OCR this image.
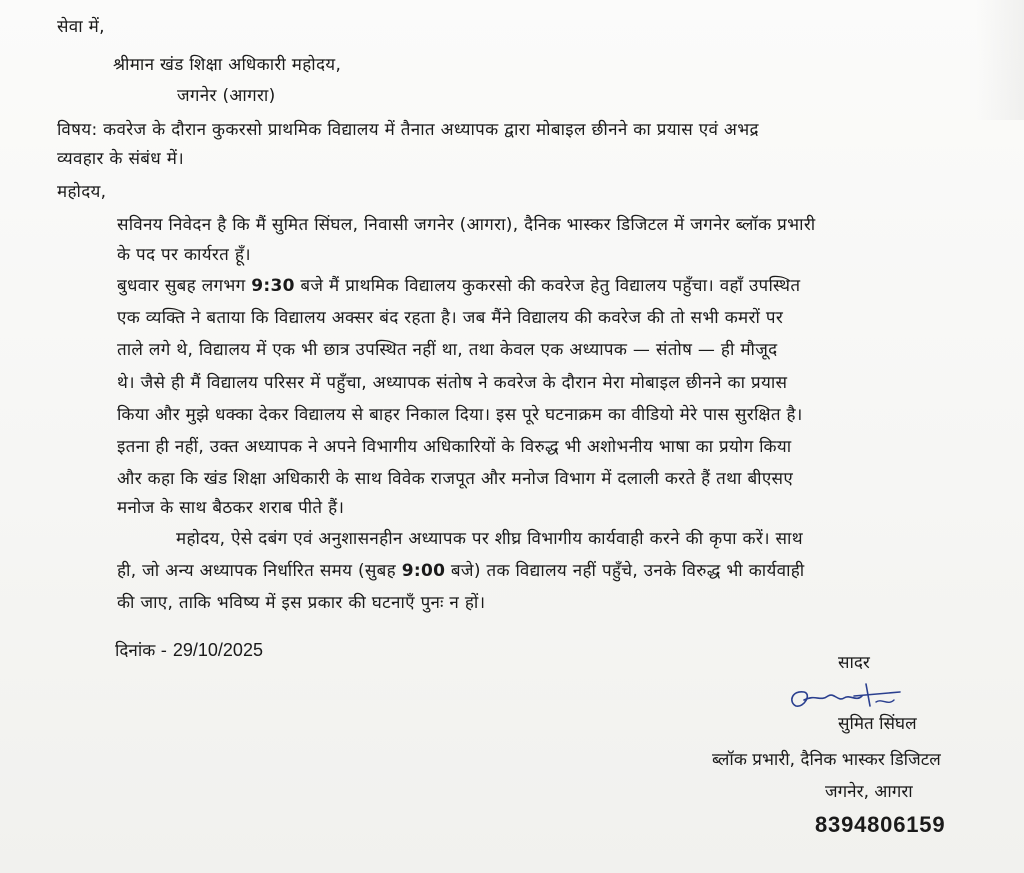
सेवा में,
श्रीमान खंड शिक्षा अधिकारी महोदय,
जगनेर (आगरा)
विषय: कवरेज के दौरान कुकरसो प्राथमिक विद्यालय में तैनात अध्यापक द्वारा मोबाइल छीनने का प्रयास एवं अभद्र
व्यवहार के संबंध में।
महोदय,
सविनय निवेदन है कि मैं सुमित सिंघल, निवासी जगनेर (आगरा), दैनिक भास्कर डिजिटल में जगनेर ब्लॉक प्रभारी
के पद पर कार्यरत हूँ।
बुधवार सुबह लगभग 9:30 बजे मैं प्राथमिक विद्यालय कुकरसो की कवरेज हेतु विद्यालय पहुँचा। वहाँ उपस्थित
एक व्यक्ति ने बताया कि विद्यालय अक्सर बंद रहता है। जब मैंने विद्यालय की कवरेज की तो सभी कमरों पर
ताले लगे थे, विद्यालय में एक भी छात्र उपस्थित नहीं था, तथा केवल एक अध्यापक — संतोष — ही मौजूद
थे। जैसे ही मैं विद्यालय परिसर में पहुँचा, अध्यापक संतोष ने कवरेज के दौरान मेरा मोबाइल छीनने का प्रयास
किया और मुझे धक्का देकर विद्यालय से बाहर निकाल दिया। इस पूरे घटनाक्रम का वीडियो मेरे पास सुरक्षित है।
इतना ही नहीं, उक्त अध्यापक ने अपने विभागीय अधिकारियों के विरुद्ध भी अशोभनीय भाषा का प्रयोग किया
और कहा कि खंड शिक्षा अधिकारी के साथ विवेक राजपूत और मनोज विभाग में दलाली करते हैं तथा बीएसए
मनोज के साथ बैठकर शराब पीते हैं।
महोदय, ऐसे दबंग एवं अनुशासनहीन अध्यापक पर शीघ्र विभागीय कार्यवाही करने की कृपा करें। साथ
ही, जो अन्य अध्यापक निर्धारित समय (सुबह 9:00 बजे) तक विद्यालय नहीं पहुँचे, उनके विरुद्ध भी कार्यवाही
की जाए, ताकि भविष्य में इस प्रकार की घटनाएँ पुनः न हों।
दिनांक - 29/10/2025
सादर
सुमित सिंघल
ब्लॉक प्रभारी, दैनिक भास्कर डिजिटल
जगनेर, आगरा
8394806159
